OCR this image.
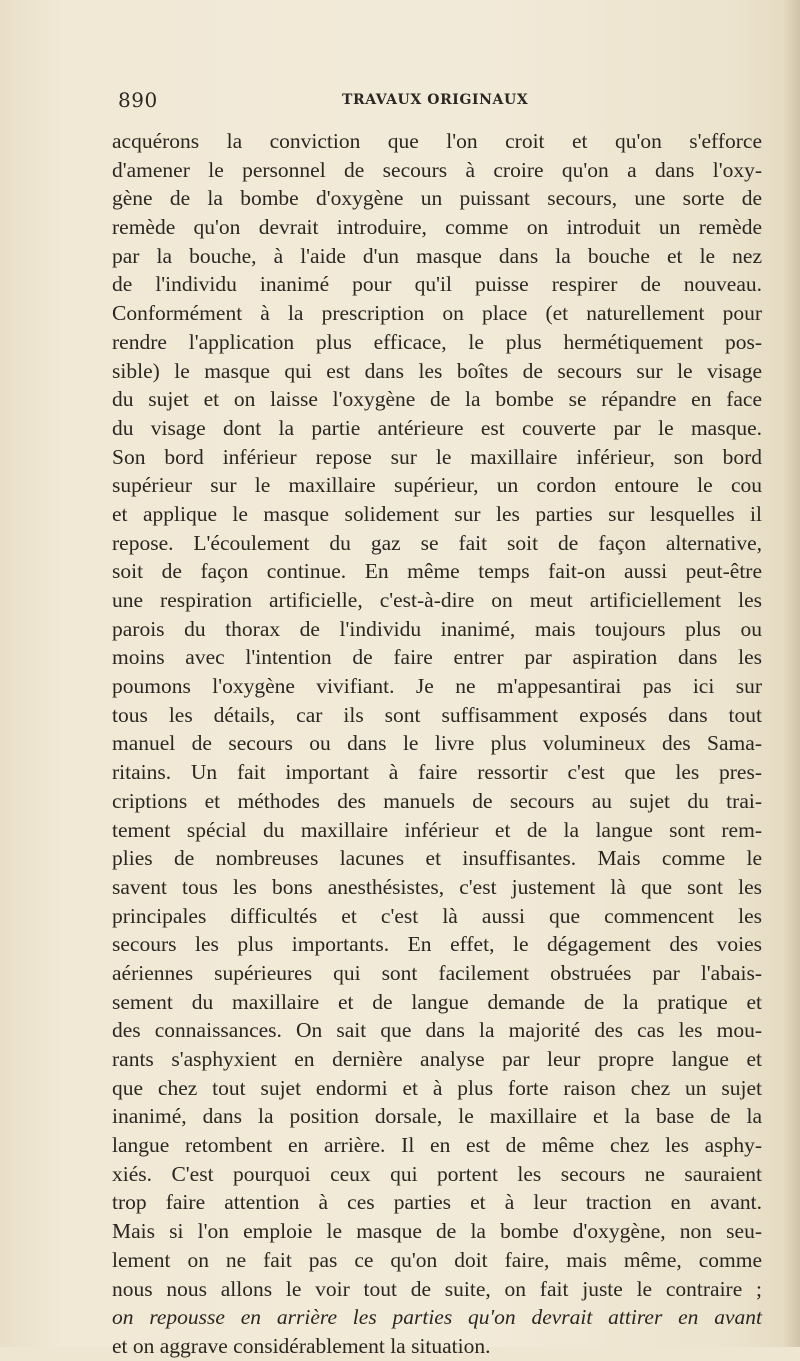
890	TRAVAUX ORIGINAUX
acquérons la conviction que l'on croit et qu'on s'efforce
d'amener le personnel de secours à croire qu'on a dans l'oxy-
gène de la bombe d'oxygène un puissant secours, une sorte de
remède qu'on devrait introduire, comme on introduit un remède
par la bouche, à l'aide d'un masque dans la bouche et le nez
de l'individu inanimé pour qu'il puisse respirer de nouveau.
Conformément à la prescription on place (et naturellement pour
rendre l'application plus efficace, le plus hermétiquement pos-
sible) le masque qui est dans les boîtes de secours sur le visage
du sujet et on laisse l'oxygène de la bombe se répandre en face
du visage dont la partie antérieure est couverte par le masque.
Son bord inférieur repose sur le maxillaire inférieur, son bord
supérieur sur le maxillaire supérieur, un cordon entoure le cou
et applique le masque solidement sur les parties sur lesquelles il
repose. L'écoulement du gaz se fait soit de façon alternative,
soit de façon continue. En même temps fait-on aussi peut-être
une respiration artificielle, c'est-à-dire on meut artificiellement les
parois du thorax de l'individu inanimé, mais toujours plus ou
moins avec l'intention de faire entrer par aspiration dans les
poumons l'oxygène vivifiant. Je ne m'appesantirai pas ici sur
tous les détails, car ils sont suffisamment exposés dans tout
manuel de secours ou dans le livre plus volumineux des Sama-
ritains. Un fait important à faire ressortir c'est que les pres-
criptions et méthodes des manuels de secours au sujet du trai-
tement spécial du maxillaire inférieur et de la langue sont rem-
plies de nombreuses lacunes et insuffisantes. Mais comme le
savent tous les bons anesthésistes, c'est justement là que sont les
principales difficultés et c'est là aussi que commencent les
secours les plus importants. En effet, le dégagement des voies
aériennes supérieures qui sont facilement obstruées par l'abais-
sement du maxillaire et de langue demande de la pratique et
des connaissances. On sait que dans la majorité des cas les mou-
rants s'asphyxient en dernière analyse par leur propre langue et
que chez tout sujet endormi et à plus forte raison chez un sujet
inanimé, dans la position dorsale, le maxillaire et la base de la
langue retombent en arrière. Il en est de même chez les asphy-
xiés. C'est pourquoi ceux qui portent les secours ne sauraient
trop faire attention à ces parties et à leur traction en avant.
Mais si l'on emploie le masque de la bombe d'oxygène, non seu-
lement on ne fait pas ce qu'on doit faire, mais même, comme
nous nous allons le voir tout de suite, on fait juste le contraire ;
on repousse en arrière les parties qu'on devrait attirer en avant
et on aggrave considérablement la situation.
